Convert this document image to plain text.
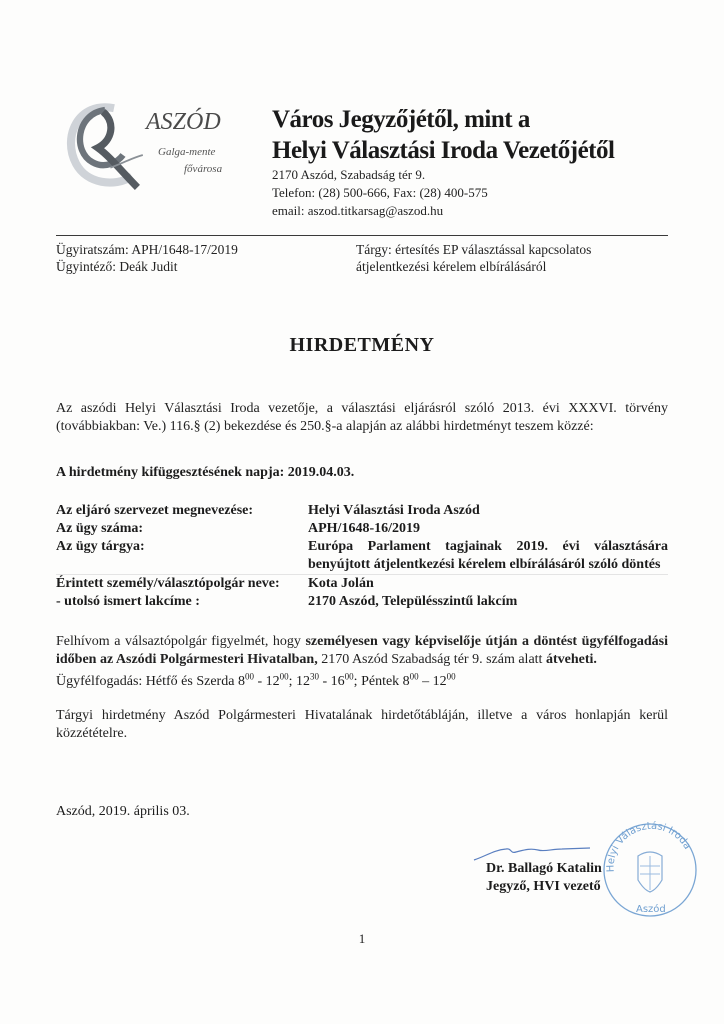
ASZÓD
Galga-mente
fővárosa
Város Jegyzőjétől, mint a
Helyi Választási Iroda Vezetőjétől
2170 Aszód, Szabadság tér 9.
Telefon: (28) 500-666, Fax: (28) 400-575
email: aszod.titkarsag@aszod.hu
Ügyiratszám: APH/1648-17/2019
Ügyintéző: Deák Judit
Tárgy: értesítés EP választással kapcsolatos
átjelentkezési kérelem elbírálásáról
HIRDETMÉNY

Az aszódi Helyi Választási Iroda vezetője, a választási eljárásról szóló 2013. évi XXXVI. törvény (továbbiakban: Ve.) 116.§ (2) bekezdése és 250.§-a alapján az alábbi hirdetményt teszem közzé:

A hirdetmény kifüggesztésének napja: 2019.04.03.
Az eljáró szervezet megnevezése:	Helyi Választási Iroda Aszód
Az ügy száma:	APH/1648-16/2019
Az ügy tárgya:	Európa Parlament tagjainak 2019. évi választására benyújtott átjelentkezési kérelem elbírálásáról szóló döntés
Érintett személy/választópolgár neve:	Kota Jolán
- utolsó ismert lakcíme :	2170 Aszód, Településszintű lakcím

Felhívom a válsaztópolgár figyelmét, hogy személyesen vagy képviselője útján a döntést ügyfélfogadási időben az Aszódi Polgármesteri Hivatalban, 2170 Aszód Szabadság tér 9. szám alatt átveheti.

Ügyfélfogadás: Hétfő és Szerda $8^{00} - 12^{00}$; $12^{30} - 16^{00}$; Péntek $8^{00} - 12^{00}$

Tárgyi hirdetmény Aszód Polgármesteri Hivatalának hirdetőtábláján, illetve a város honlapján kerül közzétételre.

Aszód, 2019. április 03.
Dr. Ballagó Katalin
Jegyző, HVI vezető
Helyi Választási Iroda
Aszód
1
